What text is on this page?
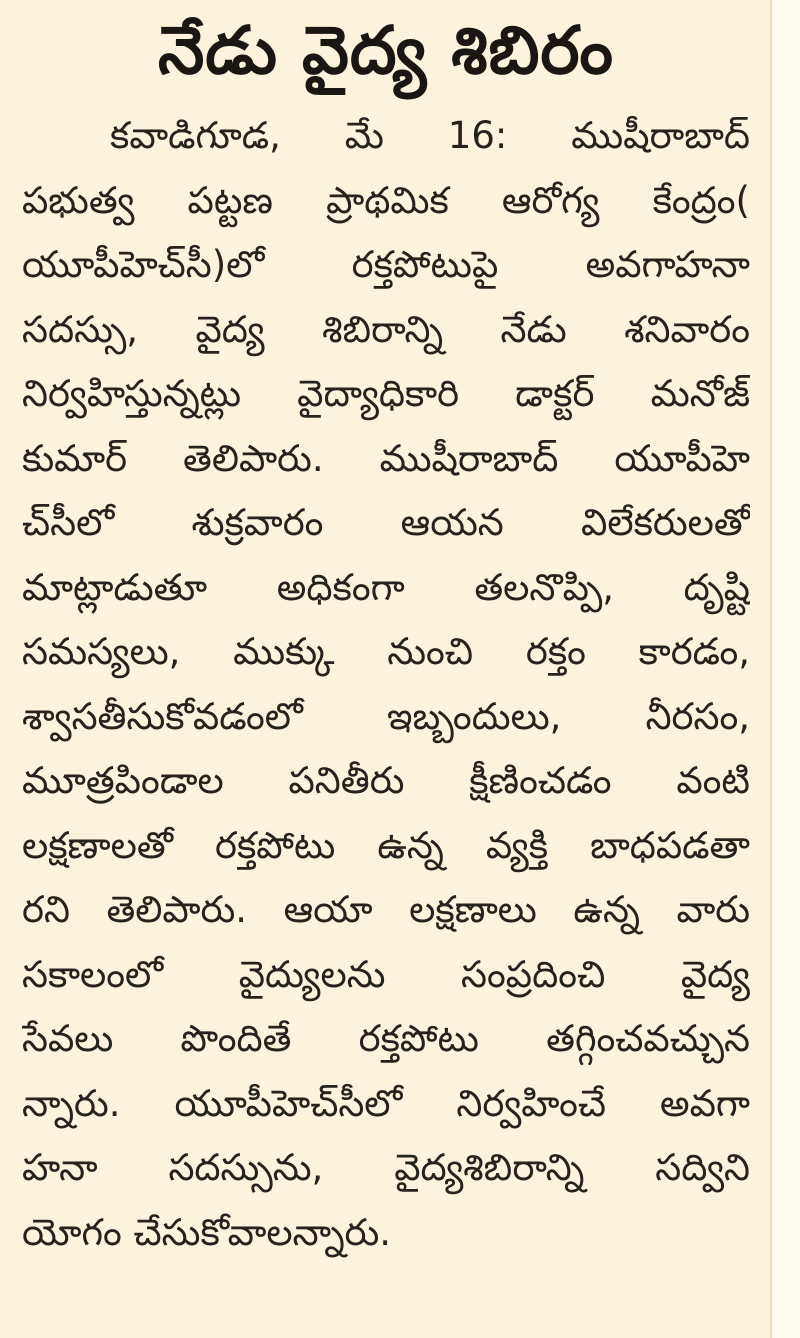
నేడు వైద్య శిబిరం
కవాడిగూడ, మే 16: ముషీరాబాద్
పభుత్వ పట్టణ ప్రాథమిక ఆరోగ్య కేంద్రం(
యూపీహెచ్‌సీ)లో రక్తపోటుపై అవగాహనా
సదస్సు, వైద్య శిబిరాన్ని నేడు శనివారం
నిర్వహిస్తున్నట్లు వైద్యాధికారి డాక్టర్ మనోజ్
కుమార్ తెలిపారు. ముషీరాబాద్ యూపీహె
చ్‌సీలో శుక్రవారం ఆయన విలేకరులతో
మాట్లాడుతూ అధికంగా తలనొప్పి, దృష్టి
సమస్యలు, ముక్కు నుంచి రక్తం కారడం,
శ్వాసతీసుకోవడంలో ఇబ్బందులు, నీరసం,
మూత్రపిండాల పనితీరు క్షీణించడం వంటి
లక్షణాలతో రక్తపోటు ఉన్న వ్యక్తి బాధపడతా
రని తెలిపారు. ఆయా లక్షణాలు ఉన్న వారు
సకాలంలో వైద్యులను సంప్రదించి వైద్య
సేవలు పొందితే రక్తపోటు తగ్గించవచ్చున
న్నారు. యూపీహెచ్‌సీలో నిర్వహించే అవగా
హనా సదస్సును, వైద్యశిబిరాన్ని సద్విని
యోగం చేసుకోవాలన్నారు.
